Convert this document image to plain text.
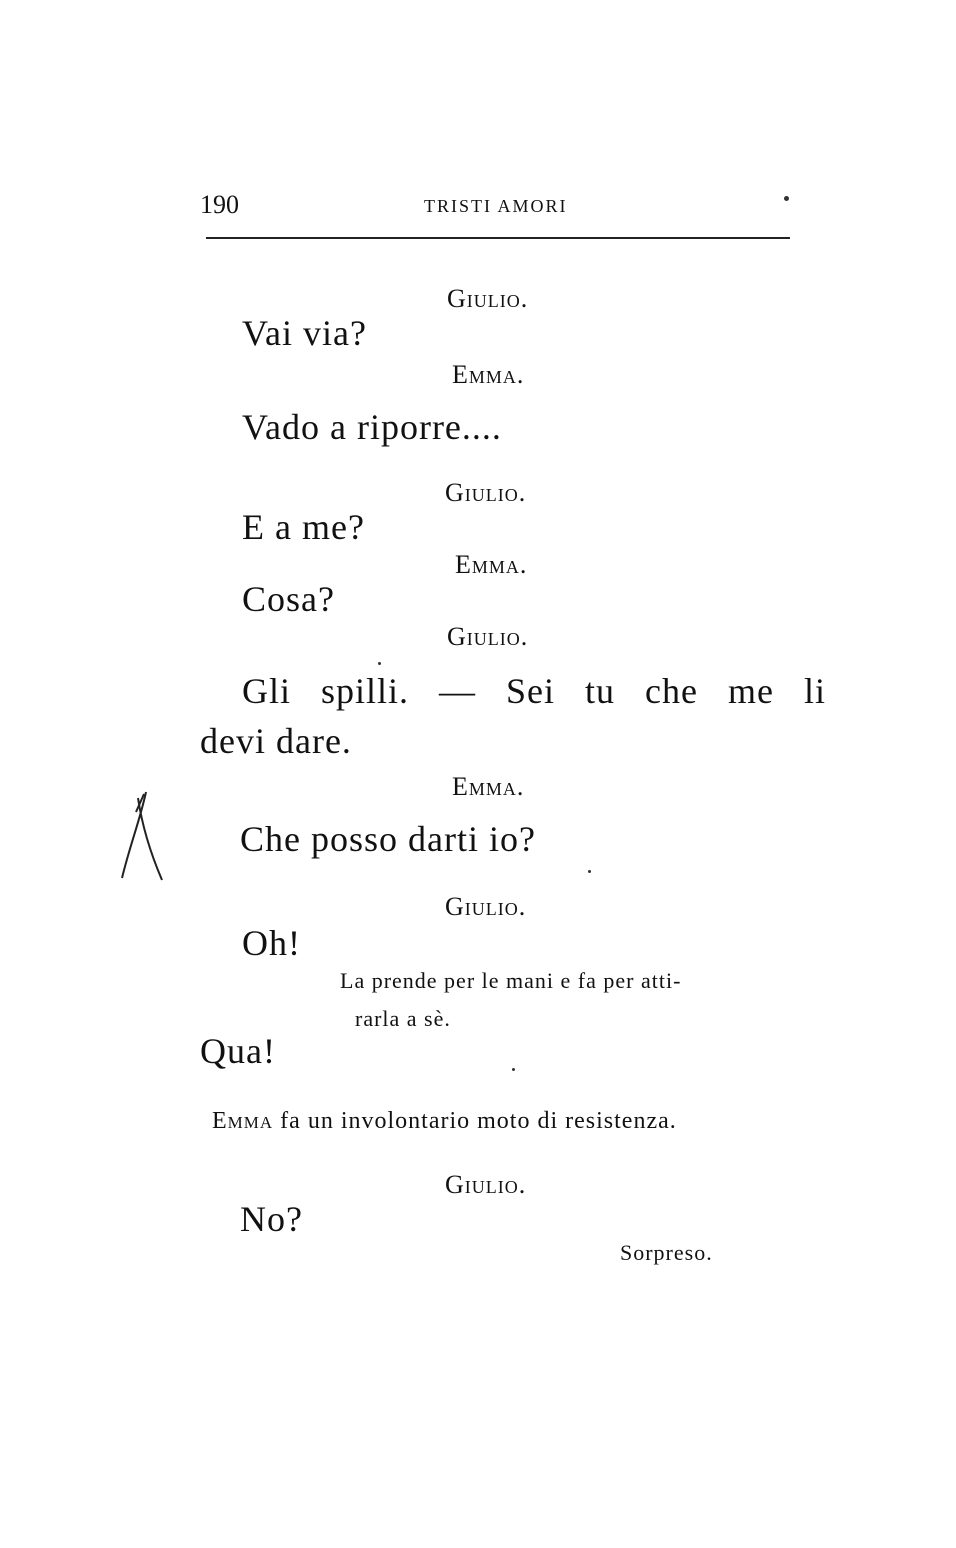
190	TRISTI AMORI
Giulio.
Vai via?
Emma.
Vado a riporre....
Giulio.
E a me?
Emma.
Cosa?
Giulio.
Gli spilli. — Sei tu che me li
devi dare.
Emma.
Che posso darti io?
Giulio.
Oh!
La prende per le mani e fa per atti-
rarla a sè.
Qua!
Emma fa un involontario moto di resistenza.
Giulio.
No?
Sorpreso.
